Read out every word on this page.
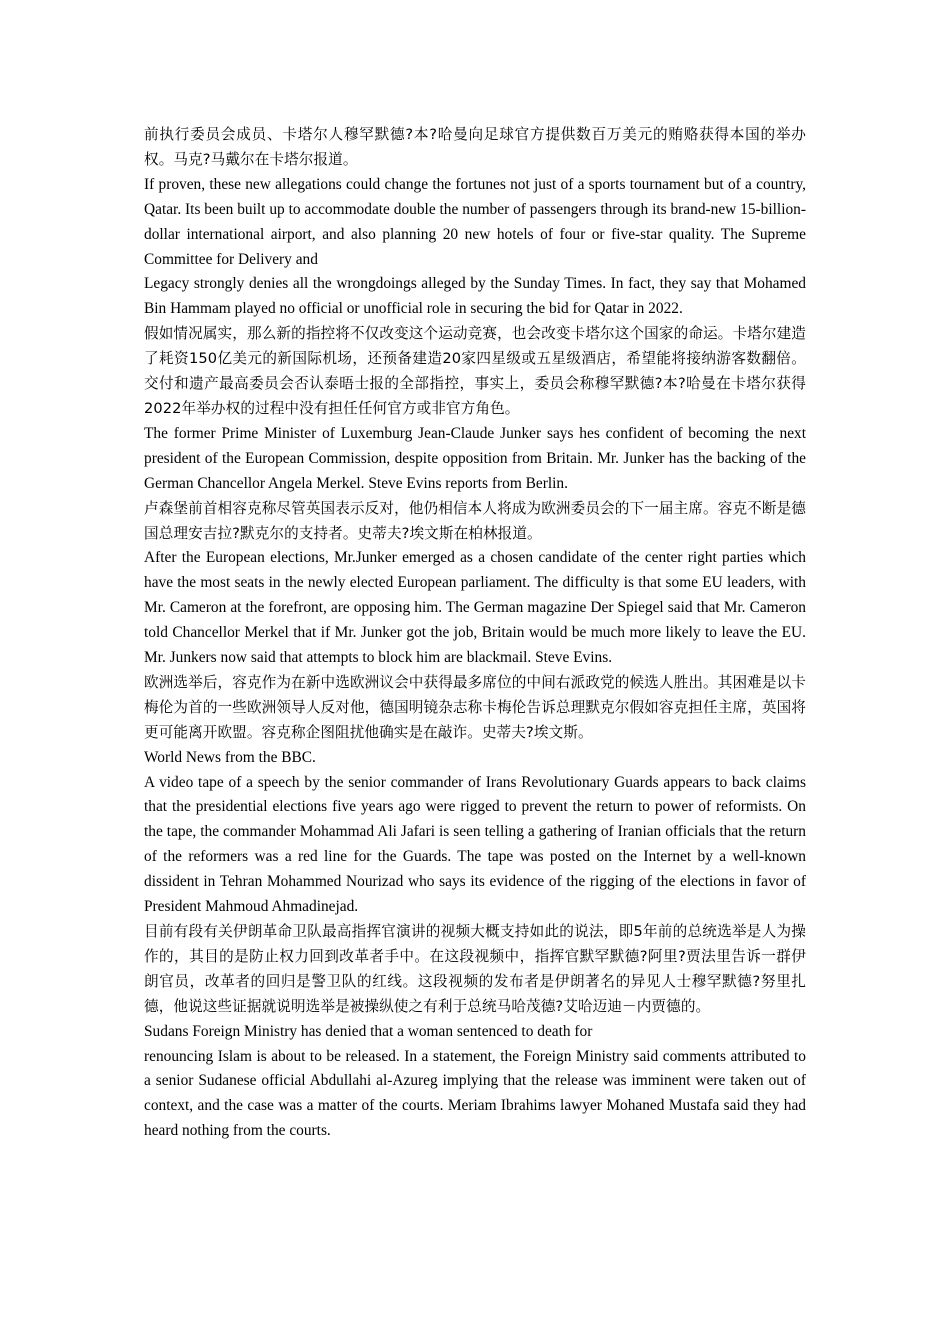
前执行委员会成员、卡塔尔人穆罕默德?本?哈曼向足球官方提供数百万美元的贿赂获得本国的举办权。马克?马戴尔在卡塔尔报道。

If proven, these new allegations could change the fortunes not just of a sports tournament but of a country, Qatar. Its been built up to accommodate double the number of passengers through its brand-new 15-billion-dollar international airport, and also planning 20 new hotels of four or five-star quality. The Supreme Committee for Delivery and

Legacy strongly denies all the wrongdoings alleged by the Sunday Times. In fact, they say that Mohamed Bin Hammam played no official or unofficial role in securing the bid for Qatar in 2022.

假如情况属实，那么新的指控将不仅改变这个运动竞赛，也会改变卡塔尔这个国家的命运。卡塔尔建造了耗资150亿美元的新国际机场，还预备建造20家四星级或五星级酒店，希望能将接纳游客数翻倍。交付和遗产最高委员会否认泰晤士报的全部指控，事实上，委员会称穆罕默德?本?哈曼在卡塔尔获得2022年举办权的过程中没有担任任何官方或非官方角色。

The former Prime Minister of Luxemburg Jean-Claude Junker says hes confident of becoming the next president of the European Commission, despite opposition from Britain. Mr. Junker has the backing of the German Chancellor Angela Merkel. Steve Evins reports from Berlin.

卢森堡前首相容克称尽管英国表示反对，他仍相信本人将成为欧洲委员会的下一届主席。容克不断是德国总理安吉拉?默克尔的支持者。史蒂夫?埃文斯在柏林报道。

After the European elections, Mr.Junker emerged as a chosen candidate of the center right parties which have the most seats in the newly elected European parliament. The difficulty is that some EU leaders, with Mr. Cameron at the forefront, are opposing him. The German magazine Der Spiegel said that Mr. Cameron told Chancellor Merkel that if Mr. Junker got the job, Britain would be much more likely to leave the EU. Mr. Junkers now said that attempts to block him are blackmail. Steve Evins.

欧洲选举后，容克作为在新中选欧洲议会中获得最多席位的中间右派政党的候选人胜出。其困难是以卡梅伦为首的一些欧洲领导人反对他，德国明镜杂志称卡梅伦告诉总理默克尔假如容克担任主席，英国将更可能离开欧盟。容克称企图阻扰他确实是在敲诈。史蒂夫?埃文斯。

World News from the BBC.

A video tape of a speech by the senior commander of Irans Revolutionary Guards appears to back claims that the presidential elections five years ago were rigged to prevent the return to power of reformists. On the tape, the commander Mohammad Ali Jafari is seen telling a gathering of Iranian officials that the return of the reformers was a red line for the Guards. The tape was posted on the Internet by a well-known dissident in Tehran Mohammed Nourizad who says its evidence of the rigging of the elections in favor of President Mahmoud Ahmadinejad.

目前有段有关伊朗革命卫队最高指挥官演讲的视频大概支持如此的说法，即5年前的总统选举是人为操作的，其目的是防止权力回到改革者手中。在这段视频中，指挥官默罕默德?阿里?贾法里告诉一群伊朗官员，改革者的回归是警卫队的红线。这段视频的发布者是伊朗著名的异见人士穆罕默德?努里扎德，他说这些证据就说明选举是被操纵使之有利于总统马哈茂德?艾哈迈迪－内贾德的。

Sudans Foreign Ministry has denied that a woman sentenced to death for

renouncing Islam is about to be released. In a statement, the Foreign Ministry said comments attributed to a senior Sudanese official Abdullahi al-Azureg implying that the release was imminent were taken out of context, and the case was a matter of the courts. Meriam Ibrahims lawyer Mohaned Mustafa said they had heard nothing from the courts.
